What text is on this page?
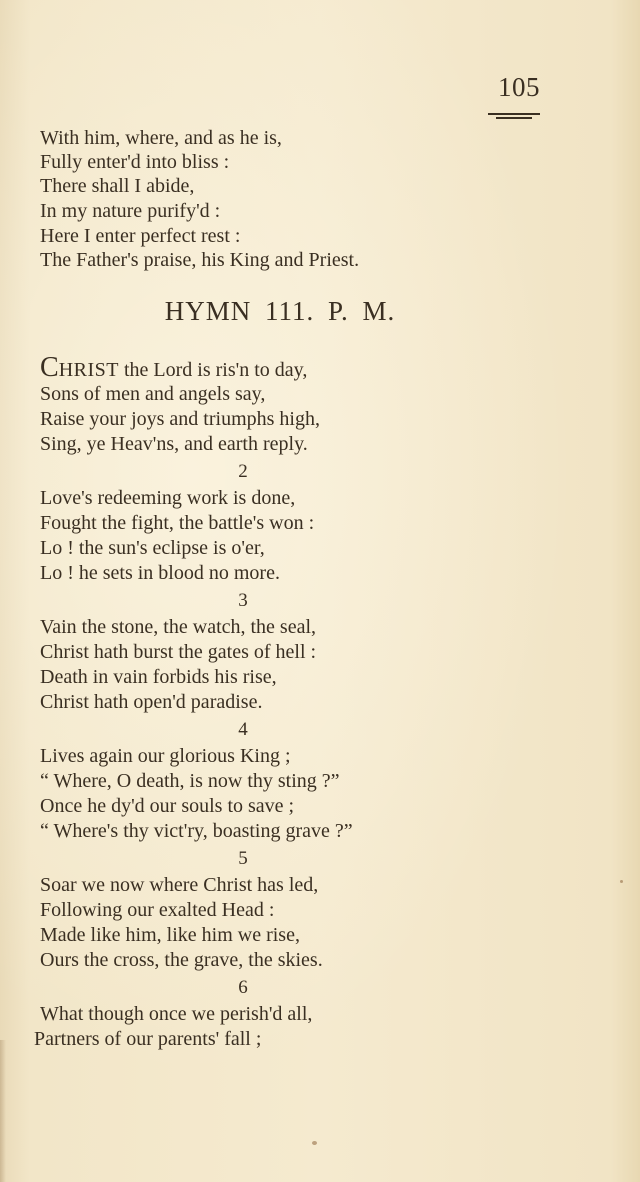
105
With him, where, and as he is,
Fully enter'd into bliss :
There shall I abide,
In my nature purify'd :
Here I enter perfect rest :
The Father's praise, his King and Priest.
HYMN 111. P. M.
CHRIST the Lord is ris'n to day,
Sons of men and angels say,
Raise your joys and triumphs high,
Sing, ye Heav'ns, and earth reply.
2
Love's redeeming work is done,
Fought the fight, the battle's won :
Lo ! the sun's eclipse is o'er,
Lo ! he sets in blood no more.
3
Vain the stone, the watch, the seal,
Christ hath burst the gates of hell :
Death in vain forbids his rise,
Christ hath open'd paradise.
4
Lives again our glorious King ;
“ Where, O death, is now thy sting ?”
Once he dy'd our souls to save ;
“ Where's thy vict'ry, boasting grave ?”
5
Soar we now where Christ has led,
Following our exalted Head :
Made like him, like him we rise,
Ours the cross, the grave, the skies.
6
What though once we perish'd all,
Partners of our parents' fall ;
